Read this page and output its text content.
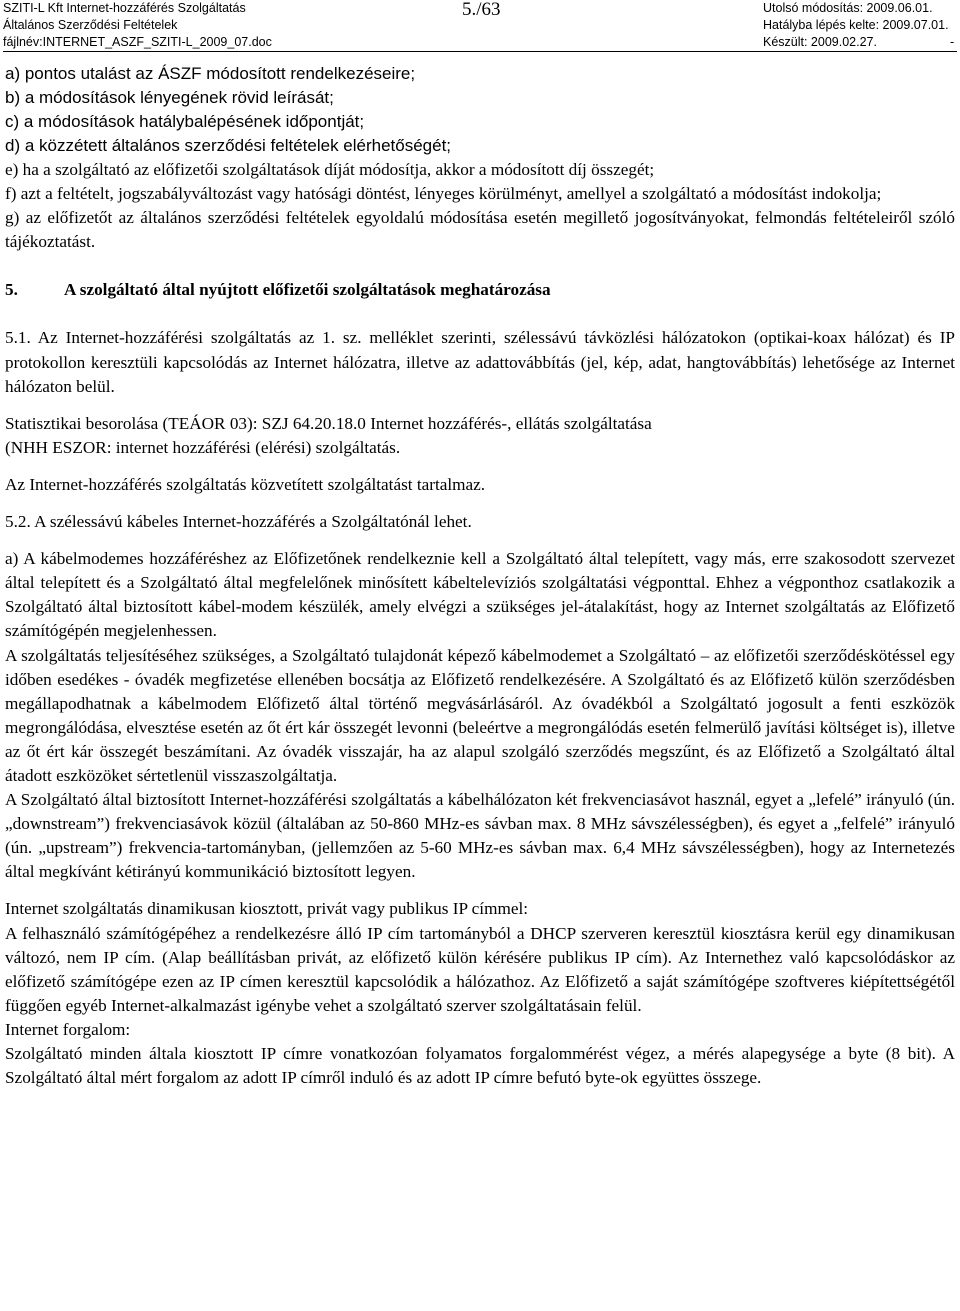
SZITI-L Kft Internet-hozzáférés Szolgáltatás
Általános Szerződési Feltételek
fájlnév:INTERNET_ASZF_SZITI-L_2009_07.doc
5./63	Utolsó módosítás: 2009.06.01.
Hatályba lépés kelte: 2009.07.01.
Készült: 2009.02.27.	-

a) pontos utalást az ÁSZF módosított rendelkezéseire;

b) a módosítások lényegének rövid leírását;

c) a módosítások hatálybalépésének időpontját;

d) a közzétett általános szerződési feltételek elérhetőségét;

e) ha a szolgáltató az előfizetői szolgáltatások díját módosítja, akkor a módosított díj összegét;

f) azt a feltételt, jogszabályváltozást vagy hatósági döntést, lényeges körülményt, amellyel a szolgáltató a módosítást indokolja;

g) az előfizetőt az általános szerződési feltételek egyoldalú módosítása esetén megillető jogosítványokat, felmondás feltételeiről szóló tájékoztatást.

5.	A szolgáltató által nyújtott előfizetői szolgáltatások meghatározása

5.1. Az Internet-hozzáférési szolgáltatás az 1. sz. melléklet szerinti, szélessávú távközlési hálózatokon (optikai-koax hálózat) és IP protokollon keresztüli kapcsolódás az Internet hálózatra, illetve az adattovábbítás (jel, kép, adat, hangtovábbítás) lehetősége az Internet hálózaton belül.

Statisztikai besorolása (TEÁOR 03): SZJ 64.20.18.0 Internet hozzáférés-, ellátás szolgáltatása

(NHH ESZOR: internet hozzáférési (elérési) szolgáltatás.

Az Internet-hozzáférés szolgáltatás közvetített szolgáltatást tartalmaz.

5.2. A szélessávú kábeles Internet-hozzáférés a Szolgáltatónál lehet.

a) A kábelmodemes hozzáféréshez az Előfizetőnek rendelkeznie kell a Szolgáltató által telepített, vagy más, erre szakosodott szervezet által telepített és a Szolgáltató által megfelelőnek minősített kábeltelevíziós szolgáltatási végponttal. Ehhez a végponthoz csatlakozik a Szolgáltató által biztosított kábel-modem készülék, amely elvégzi a szükséges jel-átalakítást, hogy az Internet szolgáltatás az Előfizető számítógépén megjelenhessen.

A szolgáltatás teljesítéséhez szükséges, a Szolgáltató tulajdonát képező kábelmodemet a Szolgáltató – az előfizetői szerződéskötéssel egy időben esedékes - óvadék megfizetése ellenében bocsátja az Előfizető rendelkezésére. A Szolgáltató és az Előfizető külön szerződésben megállapodhatnak a kábelmodem Előfizető által történő megvásárlásáról. Az óvadékból a Szolgáltató jogosult a fenti eszközök megrongálódása, elvesztése esetén az őt ért kár összegét levonni (beleértve a megrongálódás esetén felmerülő javítási költséget is), illetve az őt ért kár összegét beszámítani. Az óvadék visszajár, ha az alapul szolgáló szerződés megszűnt, és az Előfizető a Szolgáltató által átadott eszközöket sértetlenül visszaszolgáltatja.

A Szolgáltató által biztosított Internet-hozzáférési szolgáltatás a kábelhálózaton két frekvenciasávot használ, egyet a „lefelé” irányuló (ún. „downstream”) frekvenciasávok közül (általában az 50-860 MHz-es sávban max. 8 MHz sávszélességben), és egyet a „felfelé” irányuló (ún. „upstream”) frekvencia-tartományban, (jellemzően az 5-60 MHz-es sávban max. 6,4 MHz sávszélességben), hogy az Internetezés által megkívánt kétirányú kommunikáció biztosított legyen.

Internet szolgáltatás dinamikusan kiosztott, privát vagy publikus IP címmel:

A felhasználó számítógépéhez a rendelkezésre álló IP cím tartományból a DHCP szerveren keresztül kiosztásra kerül egy dinamikusan változó, nem IP cím. (Alap beállításban privát, az előfizető külön kérésére publikus IP cím). Az Internethez való kapcsolódáskor az előfizető számítógépe ezen az IP címen keresztül kapcsolódik a hálózathoz. Az Előfizető a saját számítógépe szoftveres kiépítettségétől függően egyéb Internet-alkalmazást igénybe vehet a szolgáltató szerver szolgáltatásain felül.

Internet forgalom:

Szolgáltató minden általa kiosztott IP címre vonatkozóan folyamatos forgalommérést végez, a mérés alapegysége a byte (8 bit). A Szolgáltató által mért forgalom az adott IP címről induló és az adott IP címre befutó byte-ok együttes összege.
